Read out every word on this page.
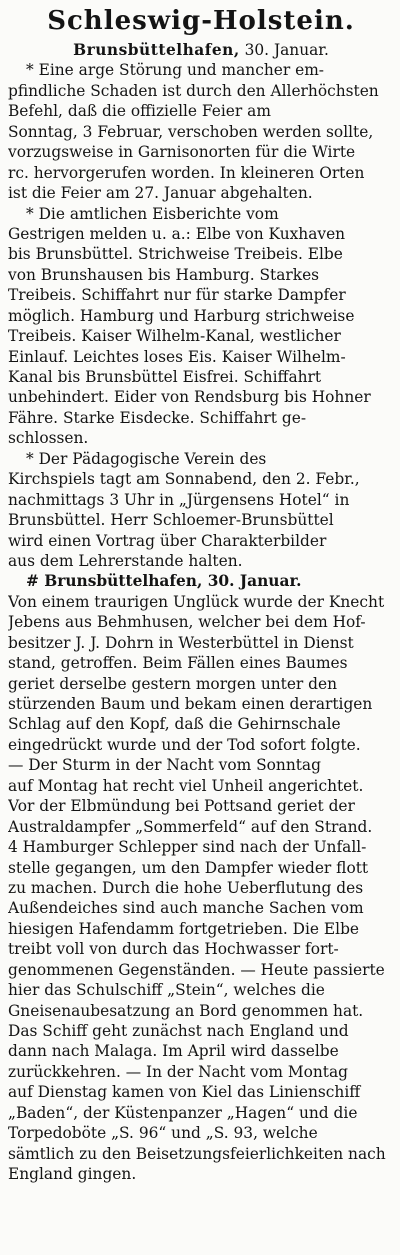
Schleswig-Holstein.
Brunsbüttelhafen, 30. Januar.
* Eine arge Störung und mancher em-
pfindliche Schaden ist durch den Allerhöchsten
Befehl, daß die offizielle Feier am
Sonntag, 3 Februar, verschoben werden sollte,
vorzugsweise in Garnisonorten für die Wirte
rc. hervorgerufen worden. In kleineren Orten
ist die Feier am 27. Januar abgehalten.
* Die amtlichen Eisberichte vom
Gestrigen melden u. a.: Elbe von Kuxhaven
bis Brunsbüttel. Strichweise Treibeis. Elbe
von Brunshausen bis Hamburg. Starkes
Treibeis. Schiffahrt nur für starke Dampfer
möglich. Hamburg und Harburg strichweise
Treibeis. Kaiser Wilhelm-Kanal, westlicher
Einlauf. Leichtes loses Eis. Kaiser Wilhelm-
Kanal bis Brunsbüttel Eisfrei. Schiffahrt
unbehindert. Eider von Rendsburg bis Hohner
Fähre. Starke Eisdecke. Schiffahrt ge-
schlossen.
* Der Pädagogische Verein des
Kirchspiels tagt am Sonnabend, den 2. Febr.,
nachmittags 3 Uhr in „Jürgensens Hotel“ in
Brunsbüttel. Herr Schloemer-Brunsbüttel
wird einen Vortrag über Charakterbilder
aus dem Lehrerstande halten.
# Brunsbüttelhafen, 30. Januar.
Von einem traurigen Unglück wurde der Knecht
Jebens aus Behmhusen, welcher bei dem Hof-
besitzer J. J. Dohrn in Westerbüttel in Dienst
stand, getroffen. Beim Fällen eines Baumes
geriet derselbe gestern morgen unter den
stürzenden Baum und bekam einen derartigen
Schlag auf den Kopf, daß die Gehirnschale
eingedrückt wurde und der Tod sofort folgte.
— Der Sturm in der Nacht vom Sonntag
auf Montag hat recht viel Unheil angerichtet.
Vor der Elbmündung bei Pottsand geriet der
Australdampfer „Sommerfeld“ auf den Strand.
4 Hamburger Schlepper sind nach der Unfall-
stelle gegangen, um den Dampfer wieder flott
zu machen. Durch die hohe Ueberflutung des
Außendeiches sind auch manche Sachen vom
hiesigen Hafendamm fortgetrieben. Die Elbe
treibt voll von durch das Hochwasser fort-
genommenen Gegenständen. — Heute passierte
hier das Schulschiff „Stein“, welches die
Gneisenaubesatzung an Bord genommen hat.
Das Schiff geht zunächst nach England und
dann nach Malaga. Im April wird dasselbe
zurückkehren. — In der Nacht vom Montag
auf Dienstag kamen von Kiel das Linienschiff
„Baden“, der Küstenpanzer „Hagen“ und die
Torpedoböte „S. 96“ und „S. 93, welche
sämtlich zu den Beisetzungsfeierlichkeiten nach
England gingen.
